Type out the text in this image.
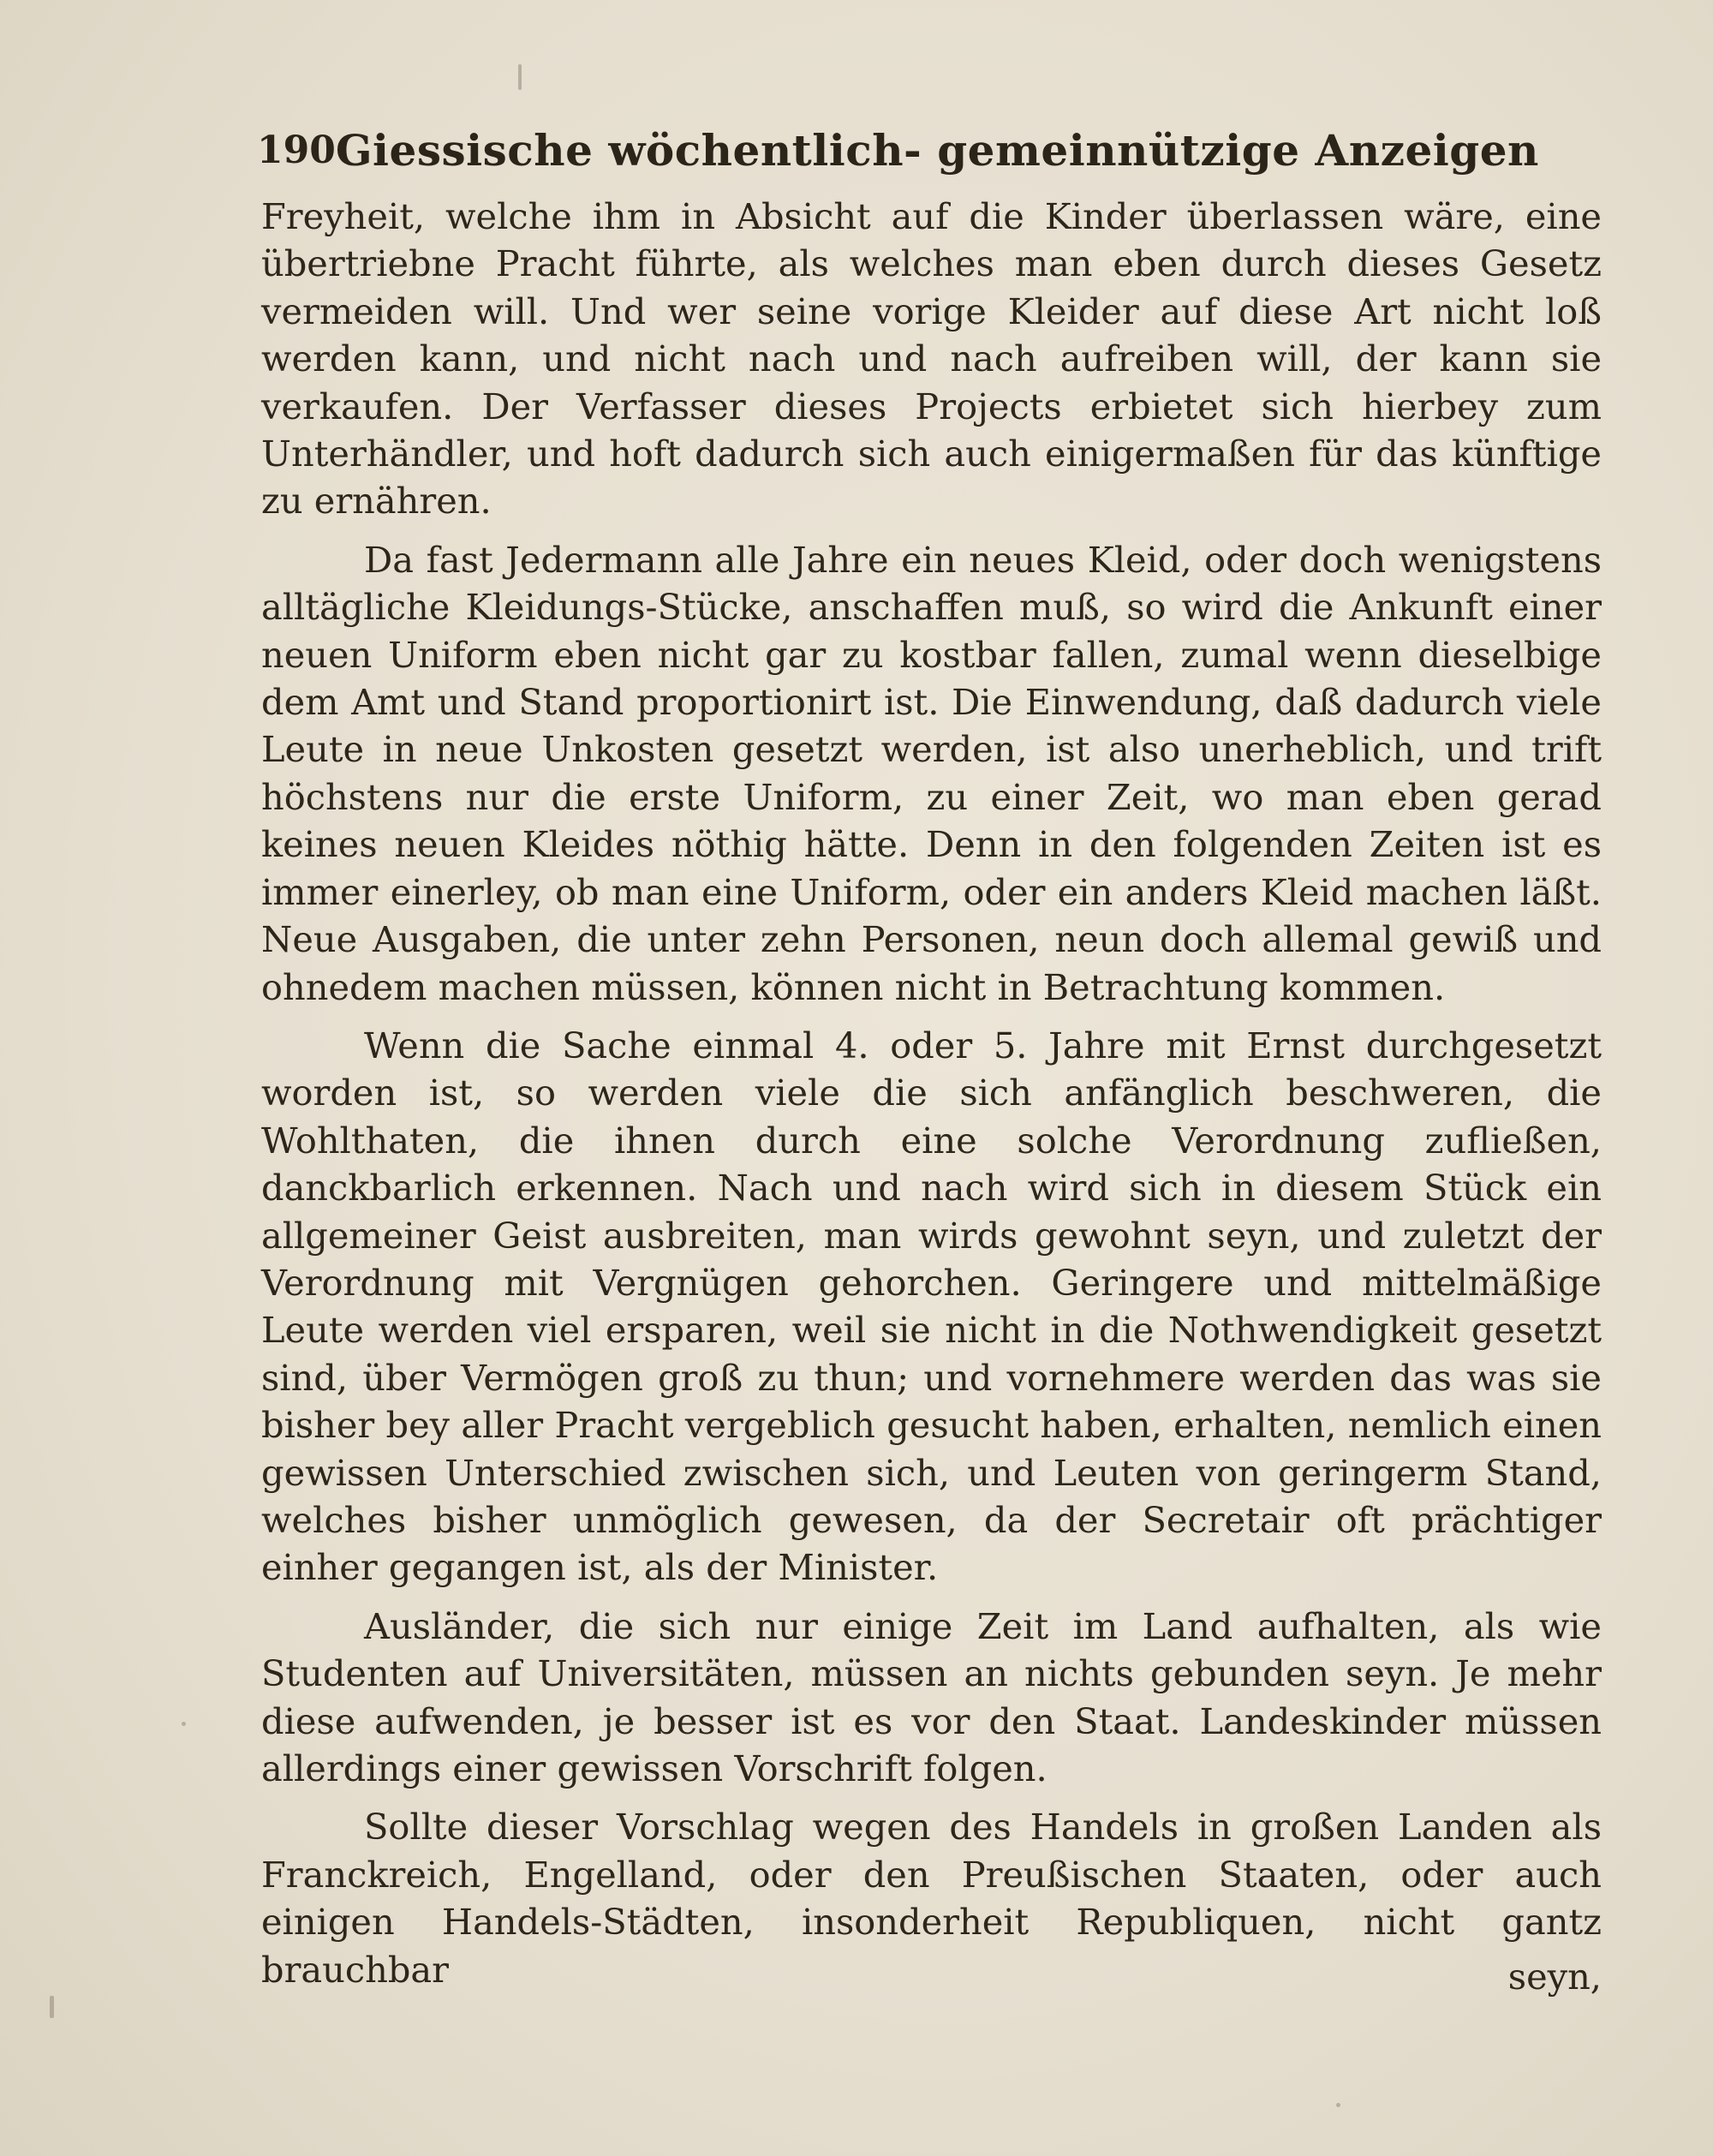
190 Giessische wöchentlich- gemeinnützige Anzeigen

Freyheit, welche ihm in Absicht auf die Kinder überlassen wäre, eine übertriebne Pracht führte, als welches man eben durch dieses Gesetz vermeiden will. Und wer seine vorige Kleider auf diese Art nicht loß werden kann, und nicht nach und nach aufreiben will, der kann sie verkaufen. Der Verfasser dieses Projects erbietet sich hierbey zum Unterhändler, und hoft dadurch sich auch einigermaßen für das künftige zu ernähren.

Da fast Jedermann alle Jahre ein neues Kleid, oder doch wenigstens alltägliche Kleidungs-Stücke, anschaffen muß, so wird die Ankunft einer neuen Uniform eben nicht gar zu kostbar fallen, zumal wenn dieselbige dem Amt und Stand proportionirt ist. Die Einwendung, daß dadurch viele Leute in neue Unkosten gesetzt werden, ist also unerheblich, und trift höchstens nur die erste Uniform, zu einer Zeit, wo man eben gerad keines neuen Kleides nöthig hätte. Denn in den folgenden Zeiten ist es immer einerley, ob man eine Uniform, oder ein anders Kleid machen läßt. Neue Ausgaben, die unter zehn Personen, neun doch allemal gewiß und ohnedem machen müssen, können nicht in Betrachtung kommen.

Wenn die Sache einmal 4. oder 5. Jahre mit Ernst durchgesetzt worden ist, so werden viele die sich anfänglich beschweren, die Wohlthaten, die ihnen durch eine solche Verordnung zufließen, danckbarlich erkennen. Nach und nach wird sich in diesem Stück ein allgemeiner Geist ausbreiten, man wirds gewohnt seyn, und zuletzt der Verordnung mit Vergnügen gehorchen. Geringere und mittelmäßige Leute werden viel ersparen, weil sie nicht in die Nothwendigkeit gesetzt sind, über Vermögen groß zu thun; und vornehmere werden das was sie bisher bey aller Pracht vergeblich gesucht haben, erhalten, nemlich einen gewissen Unterschied zwischen sich, und Leuten von geringerm Stand, welches bisher unmöglich gewesen, da der Secretair oft prächtiger einher gegangen ist, als der Minister.

Ausländer, die sich nur einige Zeit im Land aufhalten, als wie Studenten auf Universitäten, müssen an nichts gebunden seyn. Je mehr diese aufwenden, je besser ist es vor den Staat. Landeskinder müssen allerdings einer gewissen Vorschrift folgen.

Sollte dieser Vorschlag wegen des Handels in großen Landen als Franckreich, Engelland, oder den Preußischen Staaten, oder auch einigen Handels-Städten, insonderheit Republiquen, nicht gantz brauchbar	seyn,
